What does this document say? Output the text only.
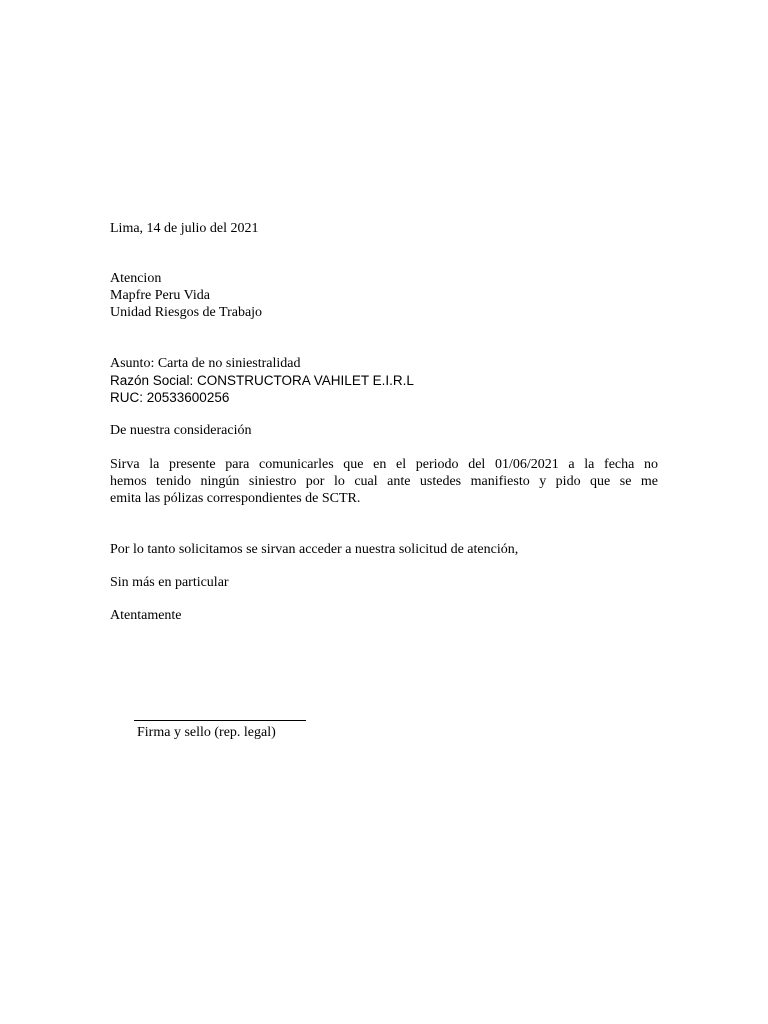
Lima, 14 de julio del 2021
Atencion
Mapfre Peru Vida
Unidad Riesgos de Trabajo
Asunto: Carta de no siniestralidad
Razón Social: CONSTRUCTORA VAHILET E.I.R.L
RUC: 20533600256
De nuestra consideración
Sirva la presente para comunicarles que en el periodo del 01/06/2021 a la fecha no
hemos tenido ningún siniestro por lo cual ante ustedes manifiesto y pido que se me
emita las pólizas correspondientes de SCTR.
Por lo tanto solicitamos se sirvan acceder a nuestra solicitud de atención,
Sin más en particular
Atentamente
Firma y sello (rep. legal)
